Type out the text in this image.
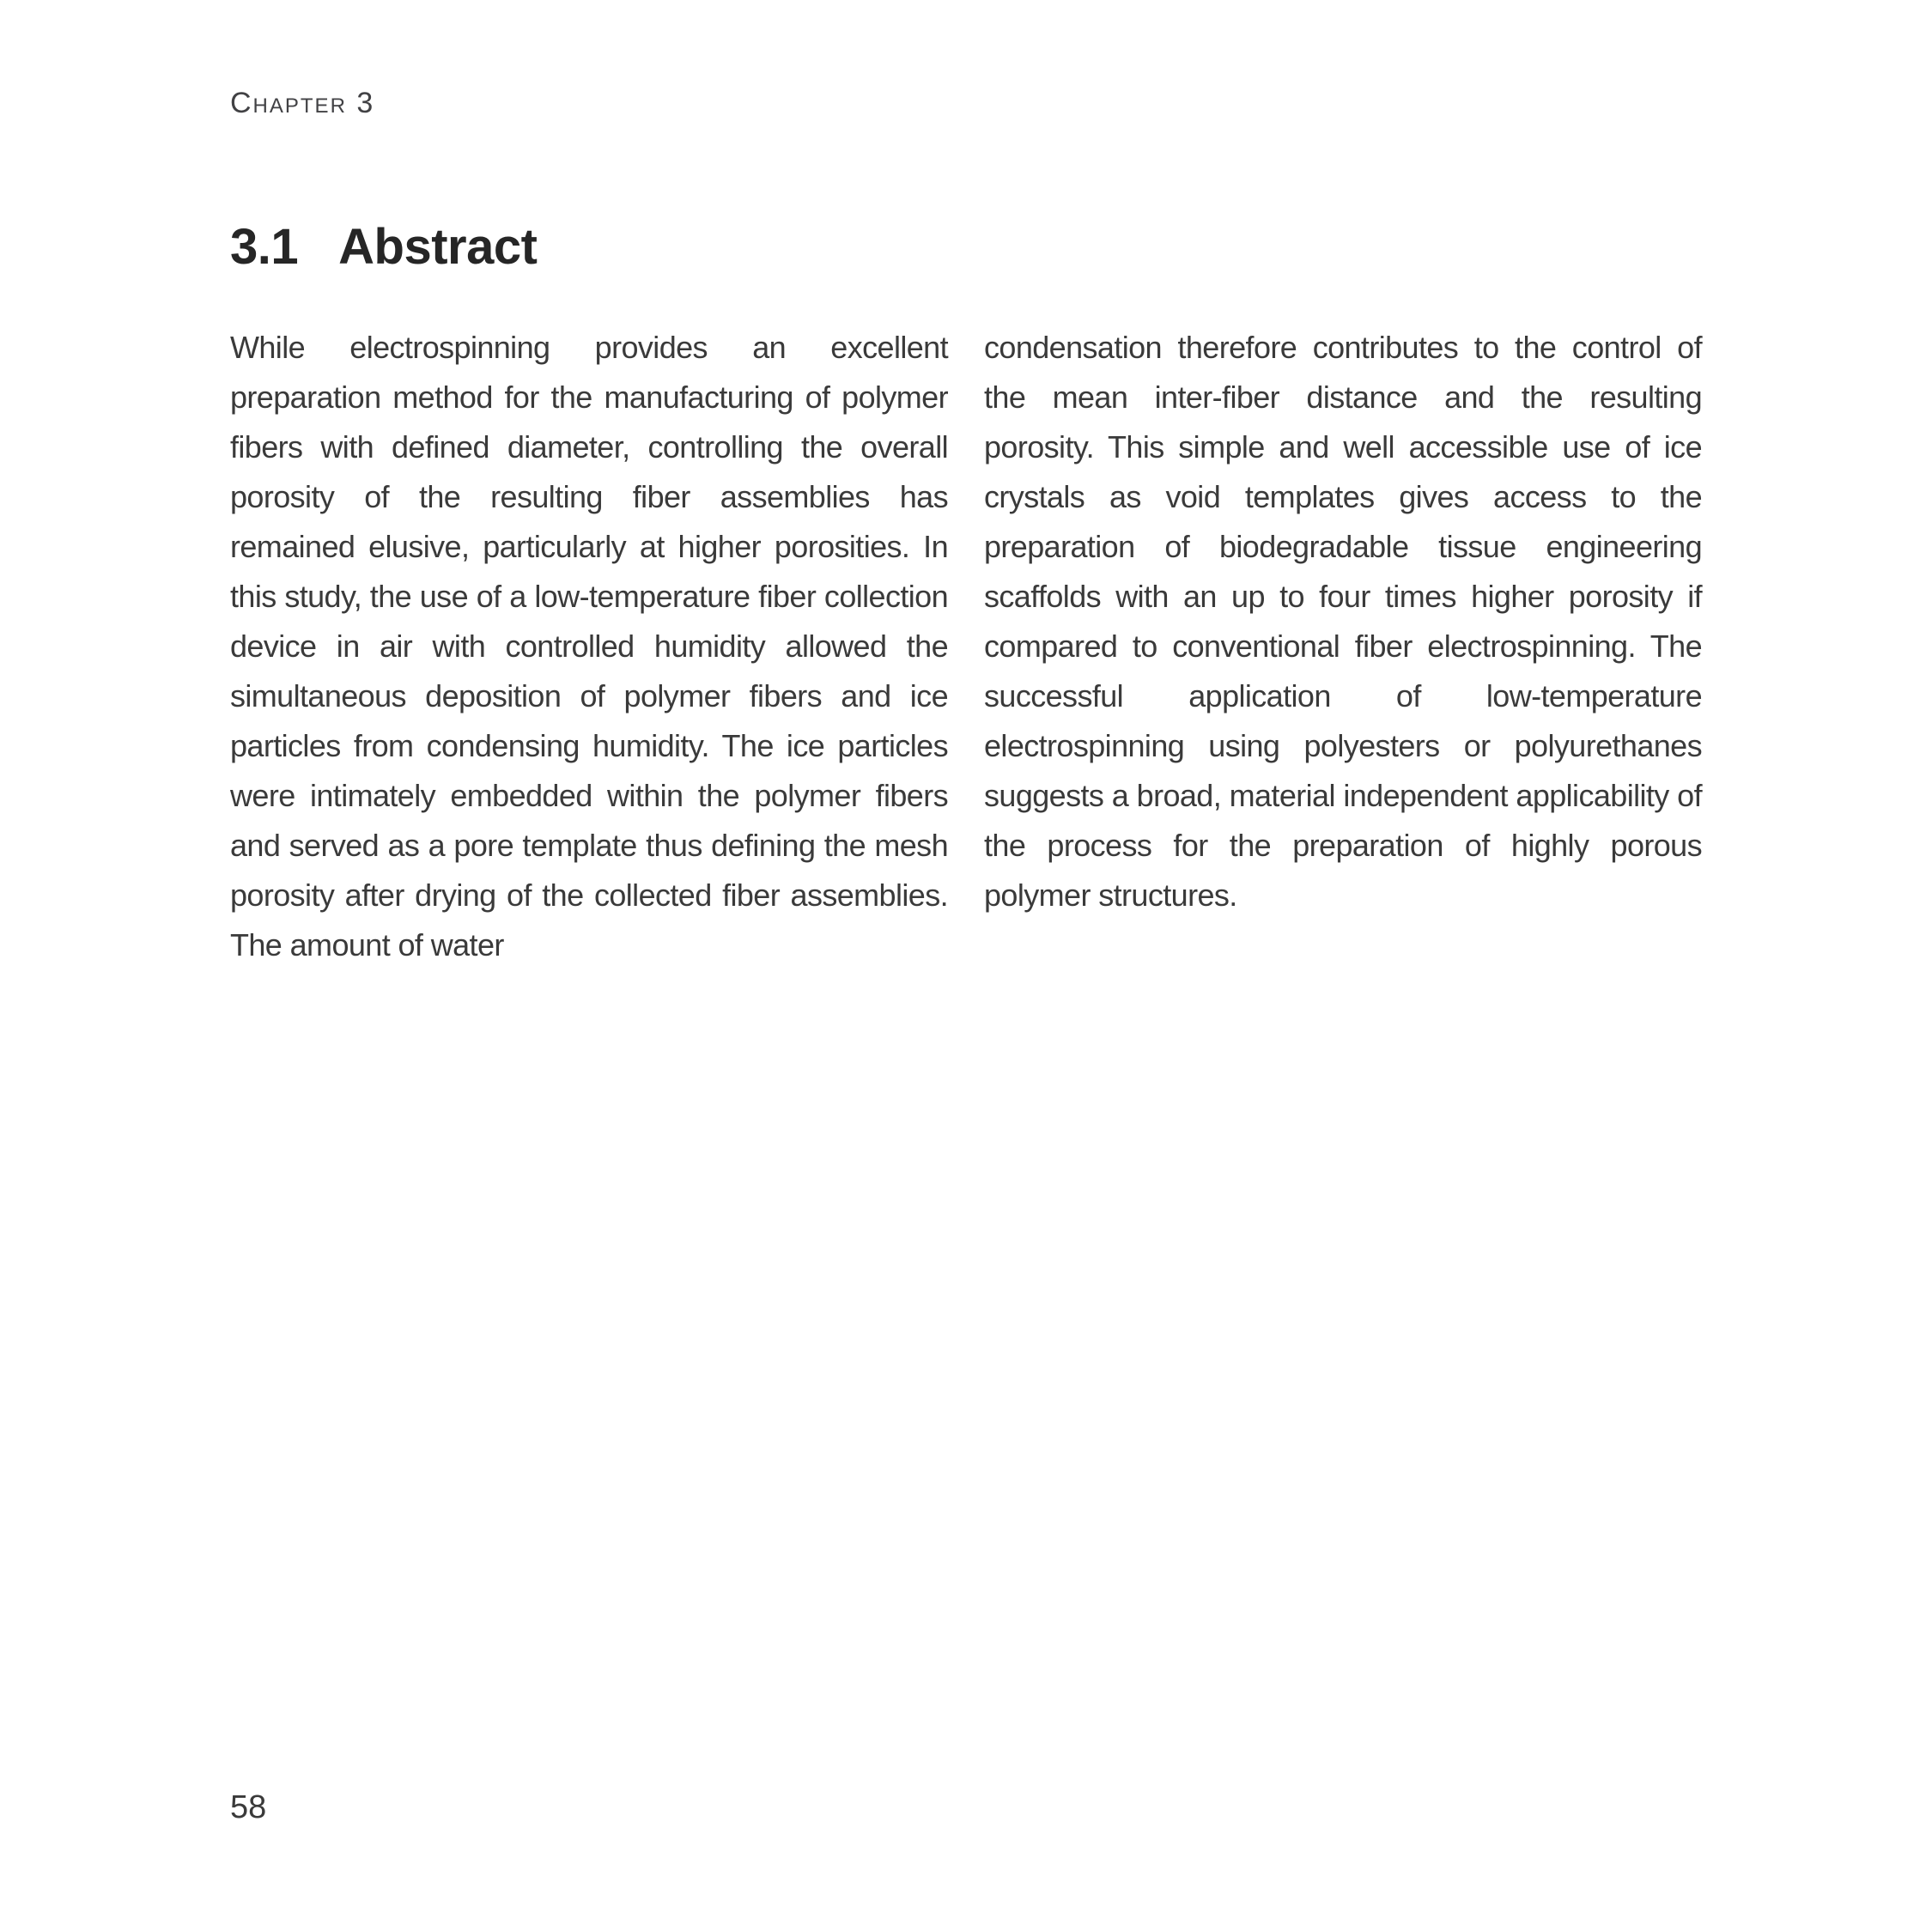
Chapter 3
3.1 Abstract
While electrospinning provides an excellent preparation method for the manufacturing of polymer fibers with defined diameter, controlling the overall porosity of the resulting fiber assemblies has remained elusive, particularly at higher porosities. In this study, the use of a low-temperature fiber collection device in air with controlled humidity allowed the simultaneous deposition of polymer fibers and ice particles from condensing humidity. The ice particles were intimately embedded within the polymer fibers and served as a pore template thus defining the mesh porosity after drying of the collected fiber assemblies. The amount of water
condensation therefore contributes to the control of the mean inter-fiber distance and the resulting porosity. This simple and well accessible use of ice crystals as void templates gives access to the preparation of biodegradable tissue engineering scaffolds with an up to four times higher porosity if compared to conventional fiber electrospinning. The successful application of low-temperature electrospinning using polyesters or polyurethanes suggests a broad, material independent applicability of the process for the preparation of highly porous polymer structures.
58
